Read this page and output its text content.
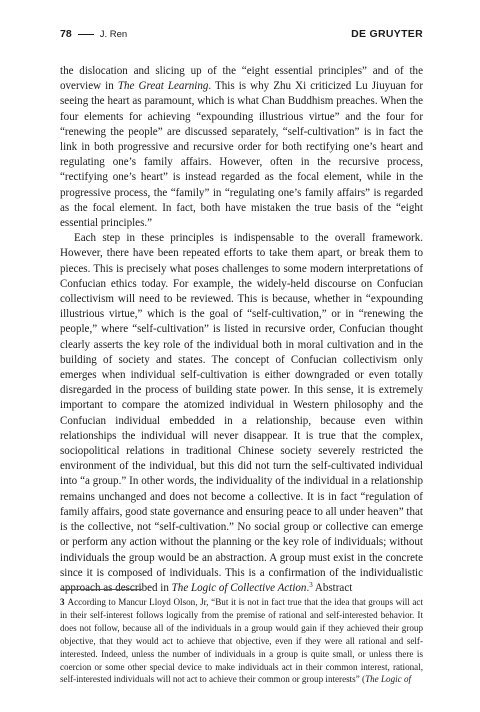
78	J. Ren	DE GRUYTER

the dislocation and slicing up of the “eight essential principles” and of the overview in The Great Learning. This is why Zhu Xi criticized Lu Jiuyuan for seeing the heart as paramount, which is what Chan Buddhism preaches. When the four elements for achieving “expounding illustrious virtue” and the four for “renewing the people” are discussed separately, “self-cultivation” is in fact the link in both progressive and recursive order for both rectifying one’s heart and regulating one’s family affairs. However, often in the recursive process, “rectifying one’s heart” is instead regarded as the focal element, while in the progressive process, the “family” in “regulating one’s family affairs” is regarded as the focal element. In fact, both have mistaken the true basis of the “eight essential principles.”

Each step in these principles is indispensable to the overall framework. However, there have been repeated efforts to take them apart, or break them to pieces. This is precisely what poses challenges to some modern interpretations of Confucian ethics today. For example, the widely-held discourse on Confucian collectivism will need to be reviewed. This is because, whether in “expounding illustrious virtue,” which is the goal of “self-cultivation,” or in “renewing the people,” where “self-cultivation” is listed in recursive order, Confucian thought clearly asserts the key role of the individual both in moral cultivation and in the building of society and states. The concept of Confucian collectivism only emerges when individual self-cultivation is either downgraded or even totally disregarded in the process of building state power. In this sense, it is extremely important to compare the atomized individual in Western philosophy and the Confucian individual embedded in a relationship, because even within relationships the individual will never disappear. It is true that the complex, sociopolitical relations in traditional Chinese society severely restricted the environment of the individual, but this did not turn the self-cultivated individual into “a group.” In other words, the individuality of the individual in a relationship remains unchanged and does not become a collective. It is in fact “regulation of family affairs, good state governance and ensuring peace to all under heaven” that is the collective, not “self-cultivation.” No social group or collective can emerge or perform any action without the planning or the key role of individuals; without individuals the group would be an abstraction. A group must exist in the concrete since it is composed of individuals. This is a confirmation of the individualistic approach as described in The Logic of Collective Action.$^3$ Abstract

3 According to Mancur Lloyd Olson, Jr, “But it is not in fact true that the idea that groups will act in their self-interest follows logically from the premise of rational and self-interested behavior. It does not follow, because all of the individuals in a group would gain if they achieved their group objective, that they would act to achieve that objective, even if they were all rational and self-interested. Indeed, unless the number of individuals in a group is quite small, or unless there is coercion or some other special device to make individuals act in their common interest, rational, self-interested individuals will not act to achieve their common or group interests” (The Logic of
